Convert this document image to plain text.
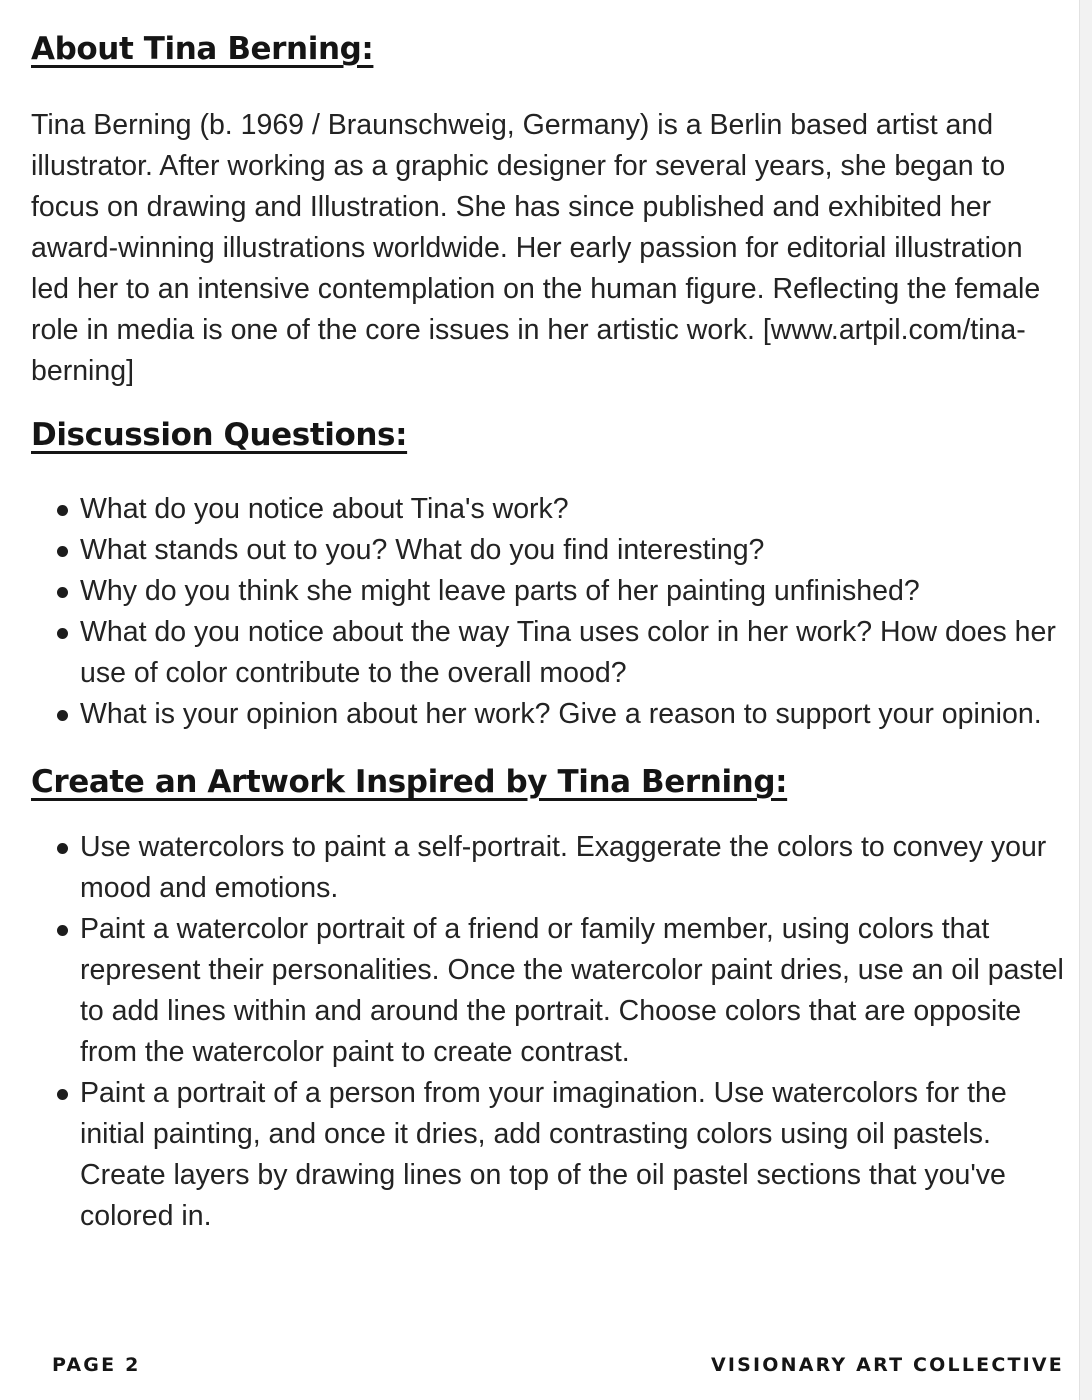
About Tina Berning:

Tina Berning (b. 1969 / Braunschweig, Germany) is a Berlin based artist and illustrator. After working as a graphic designer for several years, she began to focus on drawing and Illustration. She has since published and exhibited her award-winning illustrations worldwide. Her early passion for editorial illustration led her to an intensive contemplation on the human figure. Reflecting the female role in media is one of the core issues in her artistic work. [www.artpil.com/tina-berning]

Discussion Questions:
What do you notice about Tina's work?
What stands out to you? What do you find interesting?
Why do you think she might leave parts of her painting unfinished?
What do you notice about the way Tina uses color in her work? How does her use of color contribute to the overall mood?
What is your opinion about her work? Give a reason to support your opinion.
Create an Artwork Inspired by Tina Berning:
Use watercolors to paint a self-portrait. Exaggerate the colors to convey your mood and emotions.
Paint a watercolor portrait of a friend or family member, using colors that represent their personalities. Once the watercolor paint dries, use an oil pastel to add lines within and around the portrait. Choose colors that are opposite from the watercolor paint to create contrast.
Paint a portrait of a person from your imagination. Use watercolors for the initial painting, and once it dries, add contrasting colors using oil pastels. Create layers by drawing lines on top of the oil pastel sections that you've colored in.
PAGE 2	VISIONARY ART COLLECTIVE
